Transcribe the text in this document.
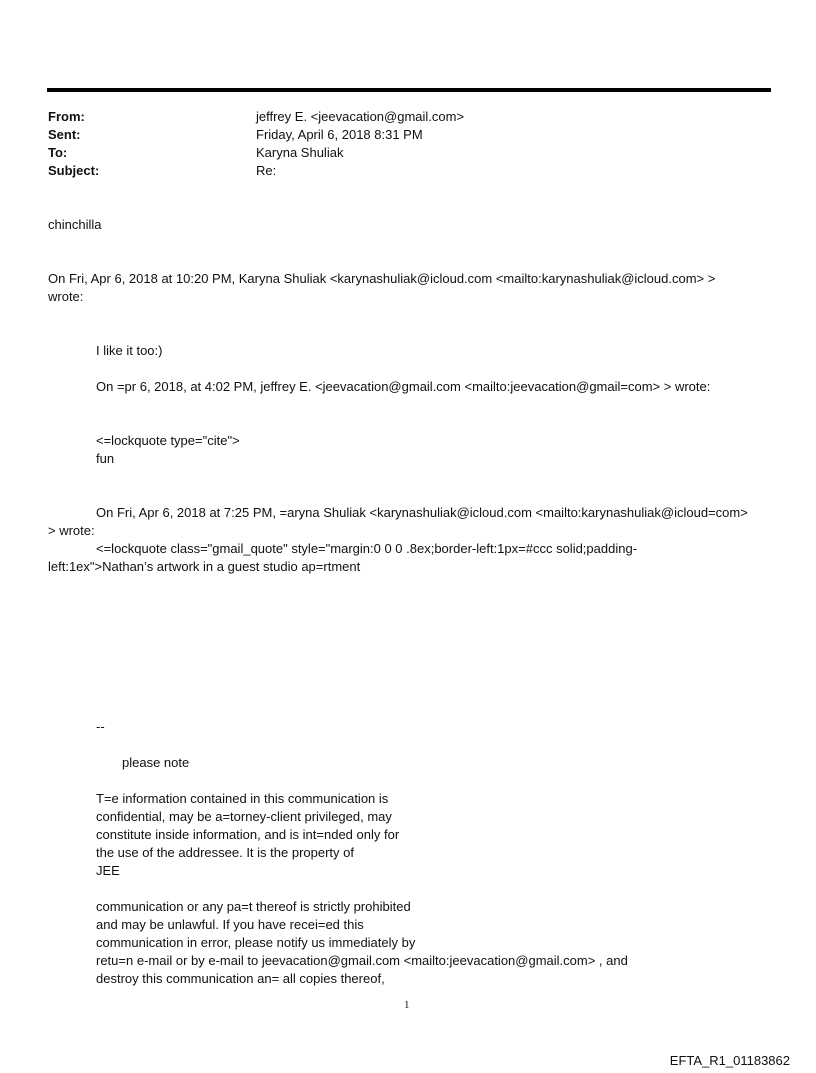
From:	jeffrey E. <jeevacation@gmail.com>
Sent:	Friday, April 6, 2018 8:31 PM
To:	Karyna Shuliak
Subject:	Re:
chinchilla
On Fri, Apr 6, 2018 at 10:20 PM, Karyna Shuliak <karynashuliak@icloud.com <mailto:karynashuliak@icloud.com> >
wrote:
I like it too:)
On =pr 6, 2018, at 4:02 PM, jeffrey E. <jeevacation@gmail.com <mailto:jeevacation@gmail=com> > wrote:
<=lockquote type="cite">
fun
On Fri, Apr 6, 2018 at 7:25 PM, =aryna Shuliak <karynashuliak@icloud.com <mailto:karynashuliak@icloud=com>
> wrote:
<=lockquote class="gmail_quote" style="margin:0 0 0 .8ex;border-left:1px=#ccc solid;padding-
left:1ex">Nathan’s artwork in a guest studio ap=rtment
--
please note
T=e information contained in this communication is
confidential, may be a=torney-client privileged, may
constitute inside information, and is int=nded only for
the use of the addressee. It is the property of
JEE
communication or any pa=t thereof is strictly prohibited
and may be unlawful. If you have recei=ed this
communication in error, please notify us immediately by
retu=n e-mail or by e-mail to jeevacation@gmail.com <mailto:jeevacation@gmail.com> , and
destroy this communication an= all copies thereof,
1
EFTA_R1_01183862
